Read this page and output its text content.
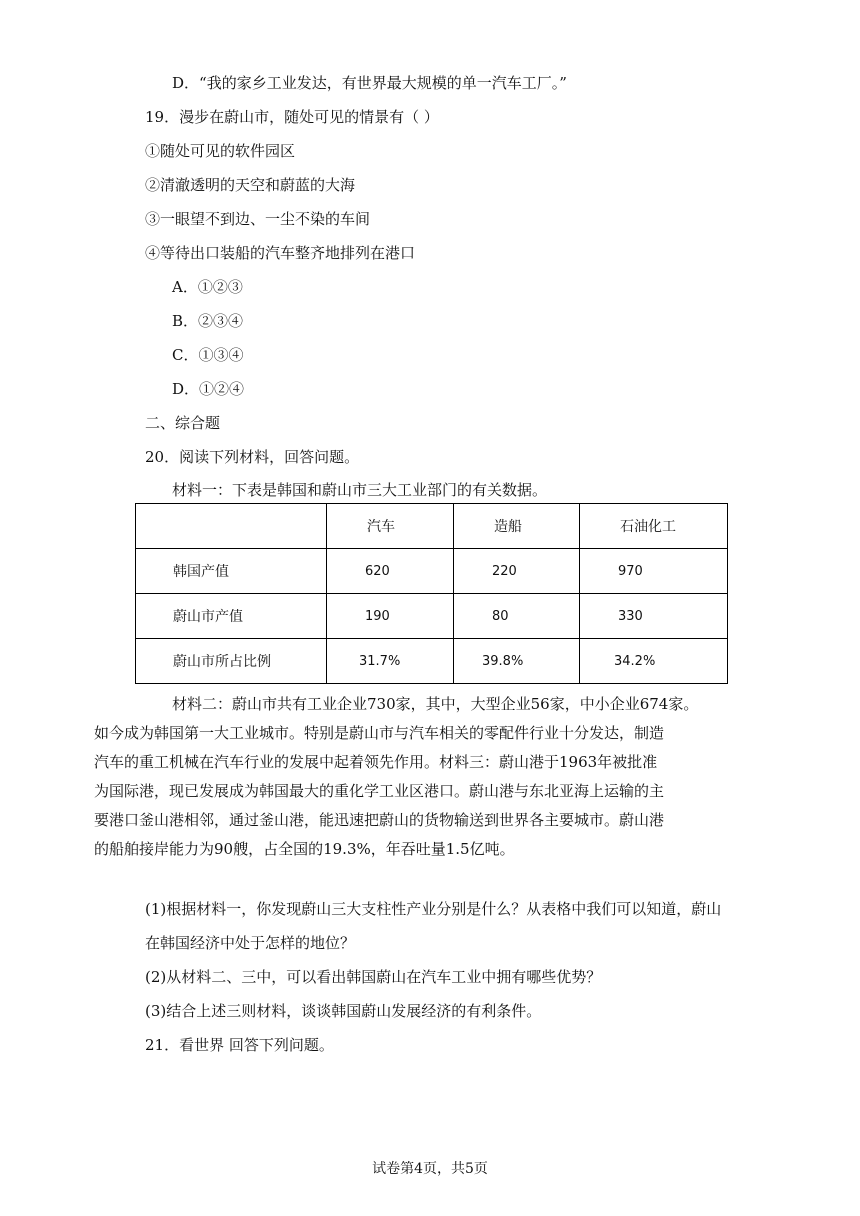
D．“我的家乡工业发达，有世界最大规模的单一汽车工厂。”
19．漫步在蔚山市，随处可见的情景有（ ）
①随处可见的软件园区
②清澈透明的天空和蔚蓝的大海
③一眼望不到边、一尘不染的车间
④等待出口装船的汽车整齐地排列在港口
A．①②③
B．②③④
C．①③④
D．①②④
二、综合题
20．阅读下列材料，回答问题。
材料一：下表是韩国和蔚山市三大工业部门的有关数据。
	汽车	造船	石油化工
韩国产值	620	220	970
蔚山市产值	190	80	330
蔚山市所占比例	31.7%	39.8%	34.2%
材料二：蔚山市共有工业企业730家，其中，大型企业56家，中小企业674家。
如今成为韩国第一大工业城市。特别是蔚山市与汽车相关的零配件行业十分发达，制造
汽车的重工机械在汽车行业的发展中起着领先作用。材料三：蔚山港于1963年被批准
为国际港，现已发展成为韩国最大的重化学工业区港口。蔚山港与东北亚海上运输的主
要港口釜山港相邻，通过釜山港，能迅速把蔚山的货物输送到世界各主要城市。蔚山港
的船舶接岸能力为90艘，占全国的19.3%，年吞吐量1.5亿吨。
(1)根据材料一，你发现蔚山三大支柱性产业分别是什么？从表格中我们可以知道，蔚山
在韩国经济中处于怎样的地位？
(2)从材料二、三中，可以看出韩国蔚山在汽车工业中拥有哪些优势？
(3)结合上述三则材料，谈谈韩国蔚山发展经济的有利条件。
21．看世界 回答下列问题。
试卷第4页，共5页
